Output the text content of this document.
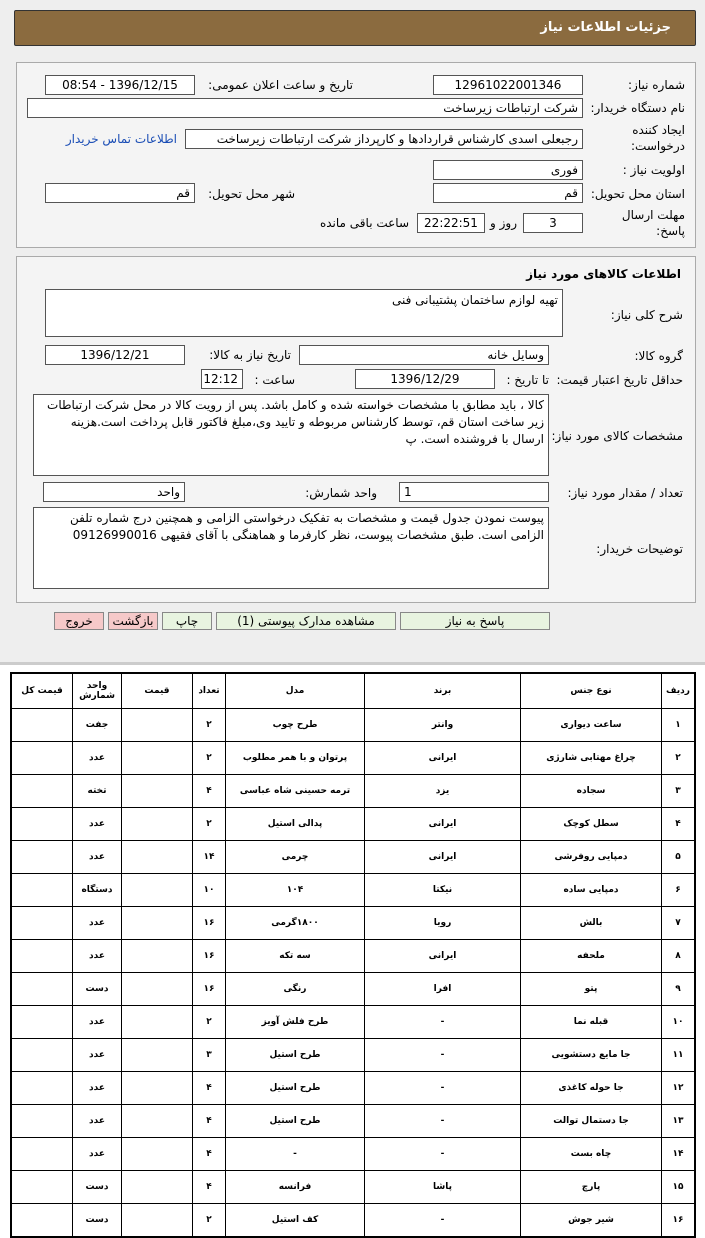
جزئیات اطلاعات نیاز
شماره نیاز:
12961022001346
تاریخ و ساعت اعلان عمومی:
1396/12/15 - 08:54
نام دستگاه خریدار:
شرکت ارتباطات زیرساخت
ایجاد کننده
درخواست:
رجبعلی اسدی کارشناس قراردادها و کارپرداز شرکت ارتباطات زیرساخت
اطلاعات تماس خریدار
اولویت نیاز :
فوری
استان محل تحویل:
قم
شهر محل تحویل:
قم
مهلت ارسال
پاسخ:
3
روز و
22:22:51
ساعت باقی مانده
اطلاعات کالاهای مورد نیاز
شرح کلی نیاز:
تهیه لوازم ساختمان پشتیبانی فنی
گروه کالا:
وسایل خانه
تاریخ نیاز به کالا:
1396/12/21
حداقل تاریخ اعتبار قیمت:
تا تاریخ :
1396/12/29
ساعت :
12:12
مشخصات کالای مورد نیاز:
کالا ، باید مطابق با مشخصات خواسته شده و کامل باشد. پس از رویت کالا در محل شرکت ارتباطات زیر ساخت استان قم، توسط کارشناس مربوطه و تایید وی،مبلغ فاکتور قابل پرداخت است.هزینه ارسال با فروشنده است. پ
تعداد / مقدار مورد نیاز:
1
واحد شمارش:
واحد
توضیحات خریدار:
پیوست نمودن جدول قیمت و مشخصات به تفکیک درخواستی الزامی و همچنین درج شماره تلفن الزامی است. طبق مشخصات پیوست، نظر کارفرما و هماهنگی با آقای فقیهی 09126990016
پاسخ به نیاز
مشاهده مدارک پیوستی (1)
چاپ
بازگشت
خروج
ردیف	نوع جنس	برند	مدل	تعداد	قیمت	واحد شمارش	قیمت کل
۱	ساعت دیواری	وانتر	طرح چوب	۲		جفت	
۲	چراغ مهتابی شارژی	ایرانی	پرتوان و با همر مطلوب	۲		عدد	
۳	سجاده	یزد	ترمه حسینی شاه عباسی	۴		تخته	
۴	سطل کوچک	ایرانی	پدالی استیل	۲		عدد	
۵	دمپایی روفرشی	ایرانی	چرمی	۱۴		عدد	
۶	دمپایی ساده	نیکتا	۱۰۴	۱۰		دستگاه	
۷	بالش	رویا	۱۸۰۰گرمی	۱۶		عدد	
۸	ملحفه	ایرانی	سه تکه	۱۶		عدد	
۹	پتو	افرا	رنگی	۱۶		دست	
۱۰	قبله نما	-	طرح فلش آویز	۲		عدد	
۱۱	جا مایع دستشویی	-	طرح استیل	۳		عدد	
۱۲	جا حوله کاغذی	-	طرح استیل	۴		عدد	
۱۳	جا دستمال توالت	-	طرح استیل	۴		عدد	
۱۴	چاه بست	-	-	۴		عدد	
۱۵	پارچ	پاشا	فرانسه	۴		دست	
۱۶	شیر جوش	-	کف استیل	۲		دست	
